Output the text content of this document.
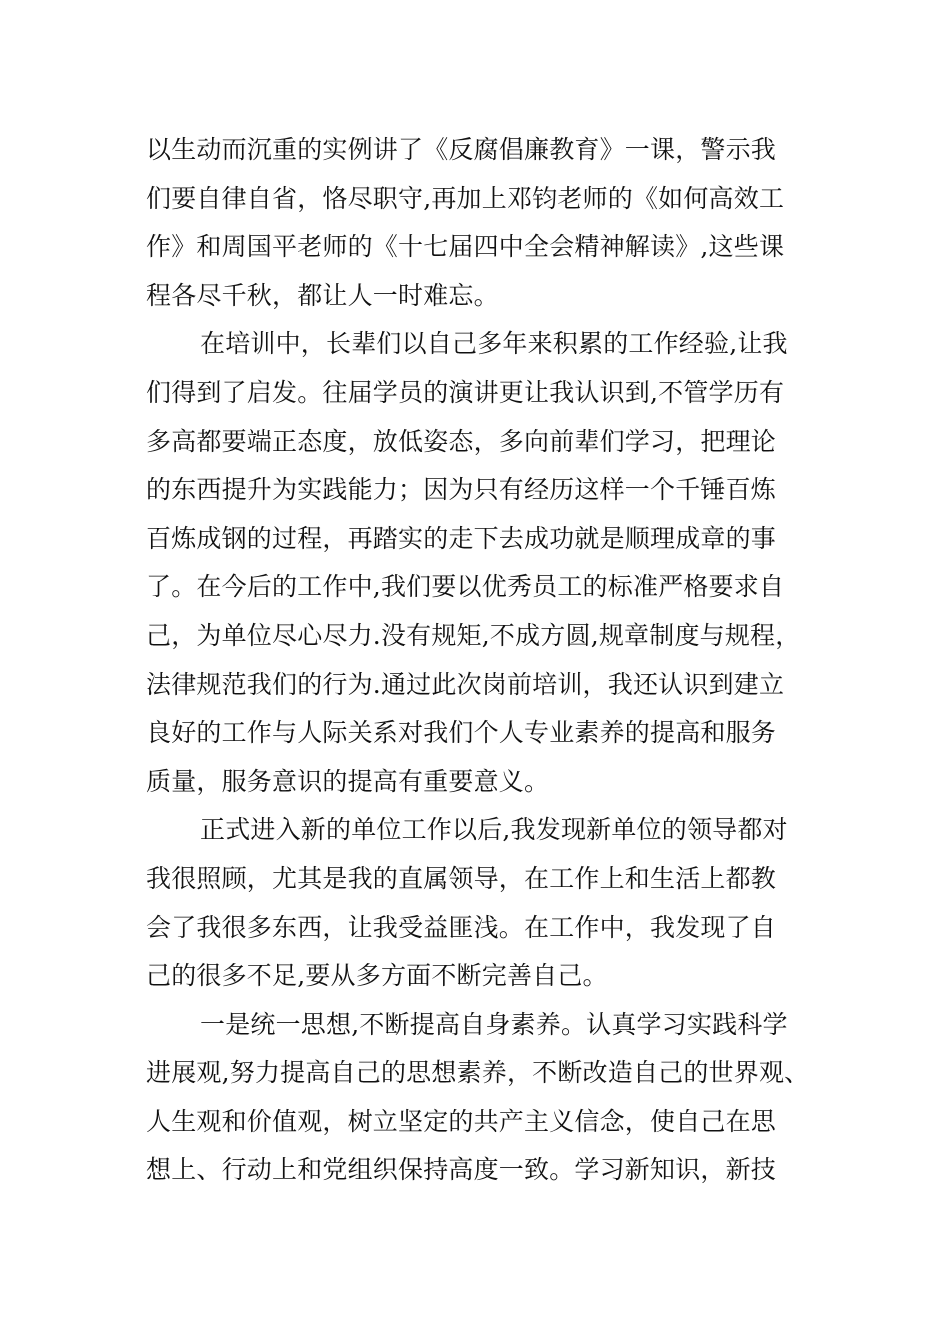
以生动而沉重的实例讲了《反腐倡廉教育》一课，警示我
们要自律自省，恪尽职守,再加上邓钧老师的《如何高效工
作》和周国平老师的《十七届四中全会精神解读》,这些课
程各尽千秋，都让人一时难忘。

在培训中，长辈们以自己多年来积累的工作经验,让我
们得到了启发。往届学员的演讲更让我认识到,不管学历有
多高都要端正态度，放低姿态，多向前辈们学习，把理论
的东西提升为实践能力；因为只有经历这样一个千锤百炼
百炼成钢的过程，再踏实的走下去成功就是顺理成章的事
了。在今后的工作中,我们要以优秀员工的标准严格要求自
己，为单位尽心尽力.没有规矩,不成方圆,规章制度与规程，
法律规范我们的行为.通过此次岗前培训，我还认识到建立
良好的工作与人际关系对我们个人专业素养的提高和服务
质量，服务意识的提高有重要意义。

正式进入新的单位工作以后,我发现新单位的领导都对
我很照顾，尤其是我的直属领导，在工作上和生活上都教
会了我很多东西，让我受益匪浅。在工作中，我发现了自
己的很多不足,要从多方面不断完善自己。

一是统一思想,不断提高自身素养。认真学习实践科学
进展观,努力提高自己的思想素养，不断改造自己的世界观、
人生观和价值观，树立坚定的共产主义信念，使自己在思
想上、行动上和党组织保持高度一致。学习新知识，新技
